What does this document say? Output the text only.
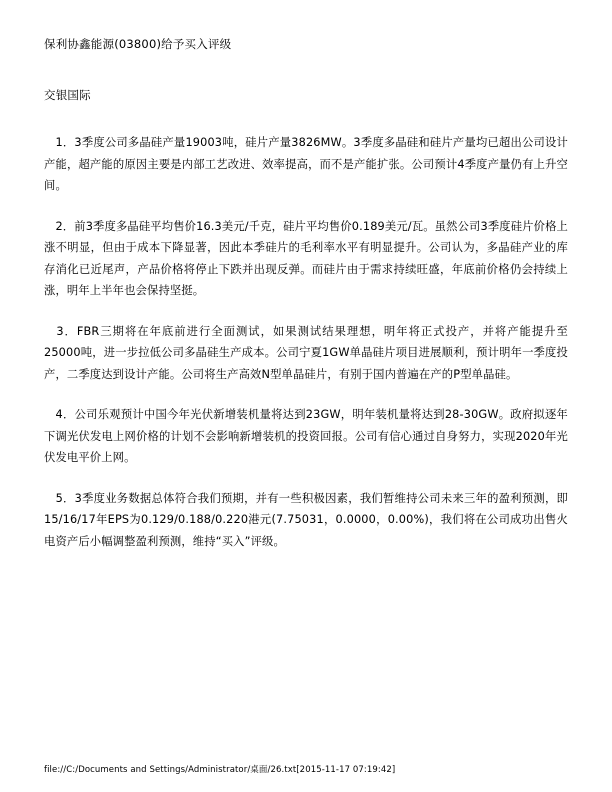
保利协鑫能源(03800)给予买入评级

交银国际

　1．3季度公司多晶硅产量19003吨，硅片产量3826MW。3季度多晶硅和硅片产量均已超出公司设计产能，超产能的原因主要是内部工艺改进、效率提高，而不是产能扩张。公司预计4季度产量仍有上升空间。

　2．前3季度多晶硅平均售价16.3美元/千克，硅片平均售价0.189美元/瓦。虽然公司3季度硅片价格上涨不明显，但由于成本下降显著，因此本季硅片的毛利率水平有明显提升。公司认为，多晶硅产业的库存消化已近尾声，产品价格将停止下跌并出现反弹。而硅片由于需求持续旺盛，年底前价格仍会持续上涨，明年上半年也会保持坚挺。

　3．FBR三期将在年底前进行全面测试，如果测试结果理想，明年将正式投产，并将产能提升至25000吨，进一步拉低公司多晶硅生产成本。公司宁夏1GW单晶硅片项目进展顺利，预计明年一季度投产，二季度达到设计产能。公司将生产高效N型单晶硅片，有别于国内普遍在产的P型单晶硅。

　4．公司乐观预计中国今年光伏新增装机量将达到23GW，明年装机量将达到28-30GW。政府拟逐年下调光伏发电上网价格的计划不会影响新增装机的投资回报。公司有信心通过自身努力，实现2020年光伏发电平价上网。

　5．3季度业务数据总体符合我们预期，并有一些积极因素，我们暂维持公司未来三年的盈利预测，即15/16/17年EPS为0.129/0.188/0.220港元(7.75031，0.0000，0.00%)，我们将在公司成功出售火电资产后小幅调整盈利预测，维持“买入”评级。

file://C:/Documents and Settings/Administrator/桌面/26.txt[2015-11-17 07:19:42]
